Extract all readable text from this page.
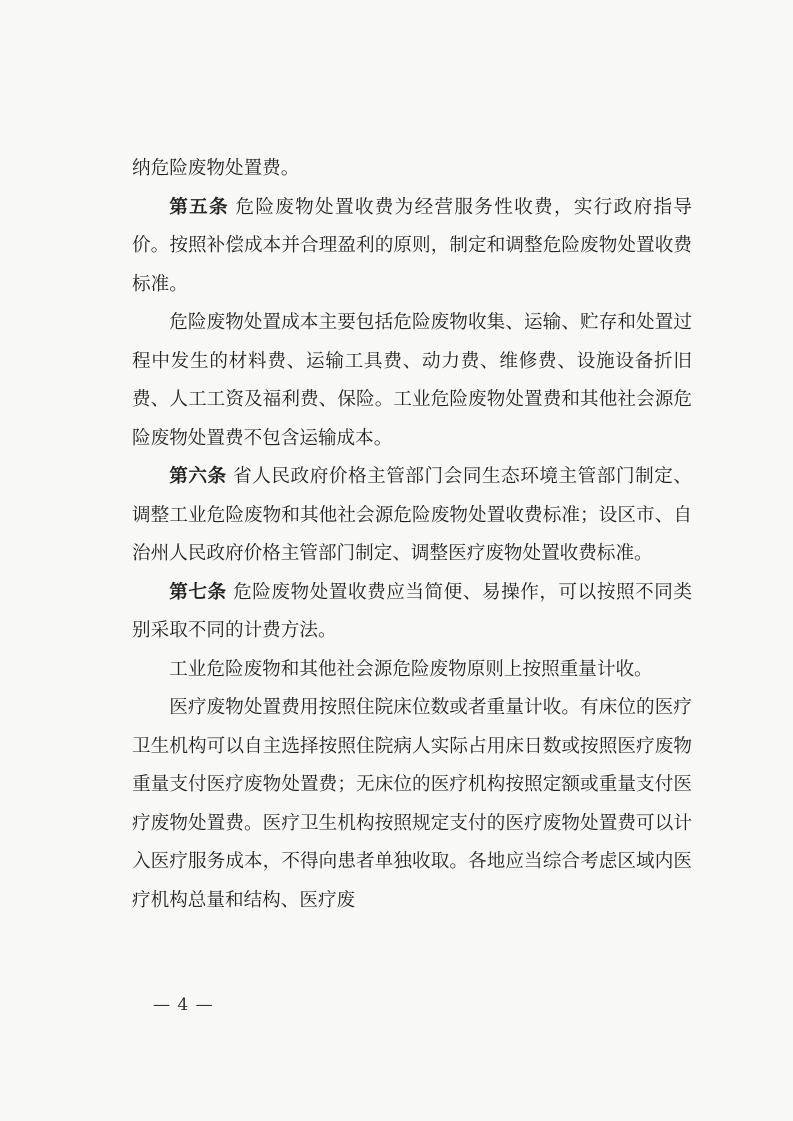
纳危险废物处置费。

第五条 危险废物处置收费为经营服务性收费，实行政府指导价。按照补偿成本并合理盈利的原则，制定和调整危险废物处置收费标准。

危险废物处置成本主要包括危险废物收集、运输、贮存和处置过程中发生的材料费、运输工具费、动力费、维修费、设施设备折旧费、人工工资及福利费、保险。工业危险废物处置费和其他社会源危险废物处置费不包含运输成本。

第六条 省人民政府价格主管部门会同生态环境主管部门制定、调整工业危险废物和其他社会源危险废物处置收费标准；设区市、自治州人民政府价格主管部门制定、调整医疗废物处置收费标准。

第七条 危险废物处置收费应当简便、易操作，可以按照不同类别采取不同的计费方法。

工业危险废物和其他社会源危险废物原则上按照重量计收。

医疗废物处置费用按照住院床位数或者重量计收。有床位的医疗卫生机构可以自主选择按照住院病人实际占用床日数或按照医疗废物重量支付医疗废物处置费；无床位的医疗机构按照定额或重量支付医疗废物处置费。医疗卫生机构按照规定支付的医疗废物处置费可以计入医疗服务成本，不得向患者单独收取。各地应当综合考虑区域内医疗机构总量和结构、医疗废

— 4 —
